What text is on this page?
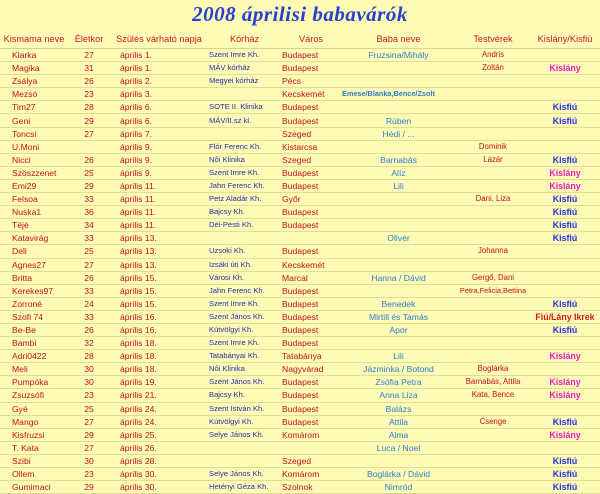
2008 áprilisi babavárók
Kismama neve	Életkor	Szülés várható napja	Kórház	Város	Baba neve	Testvérek	Kislány/Kisfiú
Klarka	27	április 1.	Szent Imre Kh.	Budapest	Fruzsina/Mihály	Andris	
Magika	31	április 1.	MÁV kórház	Budapest		Zoltán	Kislány
Zsálya	26	április 2.	Megyei kórház	Pécs			
Mezsó	23	április 3.		Kecskemét	Emese/Blanka,Bence/Zsolt		
Tim27	28	április 6.	SOTE II. Klinika	Budapest			Kisfiú
Geni	29	április 6.	MÁV/II.sz kl.	Budapest	Rúben		Kisfiú
Toncsi	27	április 7.		Szeged	Hédi / ...		
U.Moni		április 9.	Flór Ferenc Kh.	Kistarcsa		Dominik	
Nicci	26	április 9.	Női Klinika	Szeged	Barnabás	Lázár	Kisfiú
Szöszzenet	25	április 9.	Szent Imre Kh.	Budapest	Alíz		Kislány
Emi29	29	április 11.	Jahn Ferenc Kh.	Budapest	Lili		Kislány
Felsoa	33	április 11.	Petz Aladár Kh.	Győr		Dani, Liza	Kisfiú
Nuska1	36	április 11.	Bajcsy Kh.	Budapest			Kisfiú
Tëjé	34	április 11.	Dél-Pesti Kh.	Budapest			Kisfiú
Katavirág	33	április 13.			Olivér		Kisfiú
Deli	25	április 13.	Uzsoki Kh.	Budapest		Johanna	
Agnes27	27	április 13.	Izsáki úti Kh.	Kecskemét			
Britta	26	április 15.	Városi Kh.	Marcal	Hanna / Dávid	Gergő, Dani	
Kerekes97	33	április 15.	Jahn Ferenc Kh.	Budapest		Petra,Felicia,Bettina	
Zorroné	24	április 15.	Szent Imre Kh.	Budapest	Benedek		Kisfiú
Szofi 74	33	április 16.	Szent János Kh.	Budapest	Mirtill és Tamás		Fiú/Lány Ikrek
Be-Be	26	április 16.	Kútvölgyi Kh.	Budapest	Apor		Kisfiú
Bambi	32	április 18.	Szent Imre Kh.	Budapest			
Adri0422	28	április 18.	Tatabányai Kh.	Tatabánya	Lili		Kislány
Meli	30	április 18.	Női Klinika	Nagyvárad	Jázminka / Botond	Boglárka	
Pumpóka	30	április 19.	Szent János Kh.	Budapest	Zsófia Petra	Barnabás, Attila	Kislány
Zsuzsófi	23	április 21.	Bajcsy Kh.	Budapest	Anna Liza	Kata, Bence	Kislány
Gyé	25	április 24.	Szent István Kh.	Budapest	Balázs		
Mango	27	április 24.	Kútvölgyi Kh.	Budapest	Attila	Csenge	Kisfiú
Kisfruzsi	29	április 25.	Selye János Kh.	Komárom	Alma		Kislány
T. Kata	27	április 26.			Luca / Noel		
Szibi	30	április 28.		Szeged			Kisfiú
Ollem	23	április 30.	Selye János Kh.	Komárom	Boglárka / Dávid		Kisfiú
Gumimaci	29	április 30.	Hetényi Géza Kh.	Szolnok	Nimród		Kisfiú
